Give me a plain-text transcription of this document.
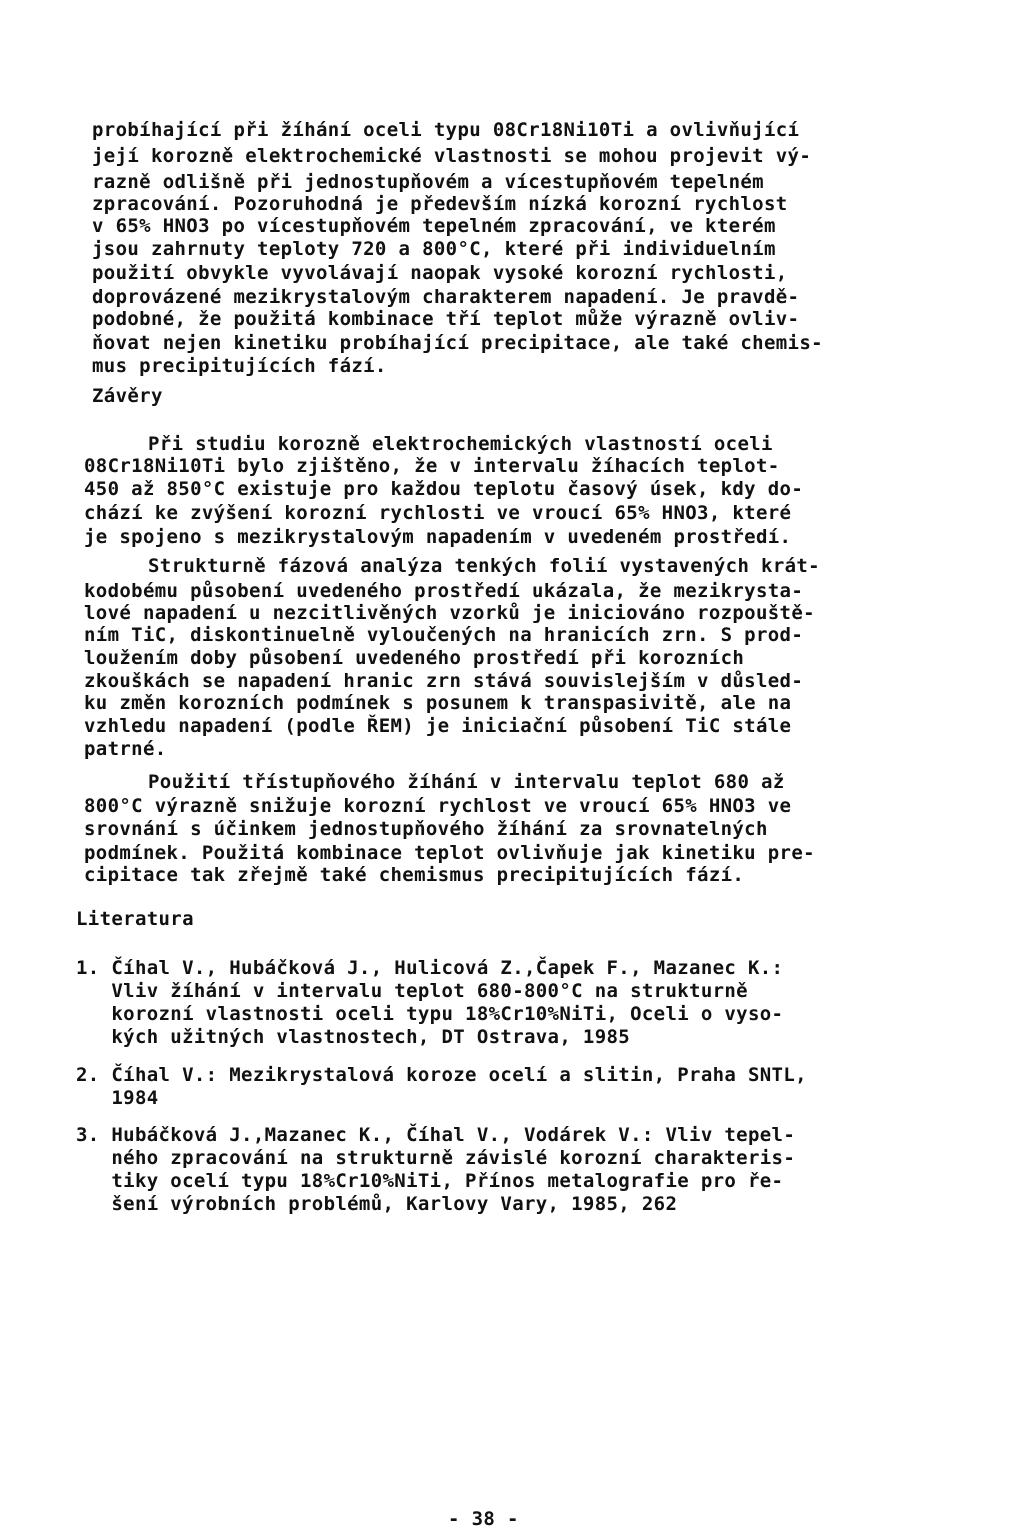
probíhající při žíhání oceli typu 08Cr18Ni10Ti a ovlivňující

její korozně elektrochemické vlastnosti se mohou projevit vý-

razně odlišně při jednostupňovém a vícestupňovém tepelném

zpracování. Pozoruhodná je především nízká korozní rychlost

v 65% HNO3 po vícestupňovém tepelném zpracování, ve kterém

jsou zahrnuty teploty 720 a 800°C, které při individuelním

použití obvykle vyvolávají naopak vysoké korozní rychlosti,

doprovázené mezikrystalovým charakterem napadení. Je pravdě-

podobné, že použitá kombinace tří teplot může výrazně ovliv-

ňovat nejen kinetiku probíhající precipitace, ale také chemis-

mus precipitujících fází.

Závěry

Při studiu korozně elektrochemických vlastností oceli

08Cr18Ni10Ti bylo zjištěno, že v intervalu žíhacích teplot-

450 až 850°C existuje pro každou teplotu časový úsek, kdy do-

chází ke zvýšení korozní rychlosti ve vroucí 65% HNO3, které

je spojeno s mezikrystalovým napadením v uvedeném prostředí.

Strukturně fázová analýza tenkých folií vystavených krát-

kodobému působení uvedeného prostředí ukázala, že mezikrysta-

lové napadení u nezcitlivěných vzorků je iniciováno rozpouště-

ním TiC, diskontinuelně vyloučených na hranicích zrn. S prod-

loužením doby působení uvedeného prostředí při korozních

zkouškách se napadení hranic zrn stává souvislejším v důsled-

ku změn korozních podmínek s posunem k transpasivitě, ale na

vzhledu napadení (podle ŘEM) je iniciační působení TiC stále

patrné.

Použití třístupňového žíhání v intervalu teplot 680 až

800°C výrazně snižuje korozní rychlost ve vroucí 65% HNO3 ve

srovnání s účinkem jednostupňového žíhání za srovnatelných

podmínek. Použitá kombinace teplot ovlivňuje jak kinetiku pre-

cipitace tak zřejmě také chemismus precipitujících fází.

Literatura

1. Číhal V., Hubáčková J., Hulicová Z.,Čapek F., Mazanec K.:

Vliv žíhání v intervalu teplot 680-800°C na strukturně

korozní vlastnosti oceli typu 18%Cr10%NiTi, Oceli o vyso-

kých užitných vlastnostech, DT Ostrava, 1985

2. Číhal V.: Mezikrystalová koroze ocelí a slitin, Praha SNTL,

1984

3. Hubáčková J.,Mazanec K., Číhal V., Vodárek V.: Vliv tepel-

ného zpracování na strukturně závislé korozní charakteris-

tiky ocelí typu 18%Cr10%NiTi, Přínos metalografie pro ře-

šení výrobních problémů, Karlovy Vary, 1985, 262

- 38 -
